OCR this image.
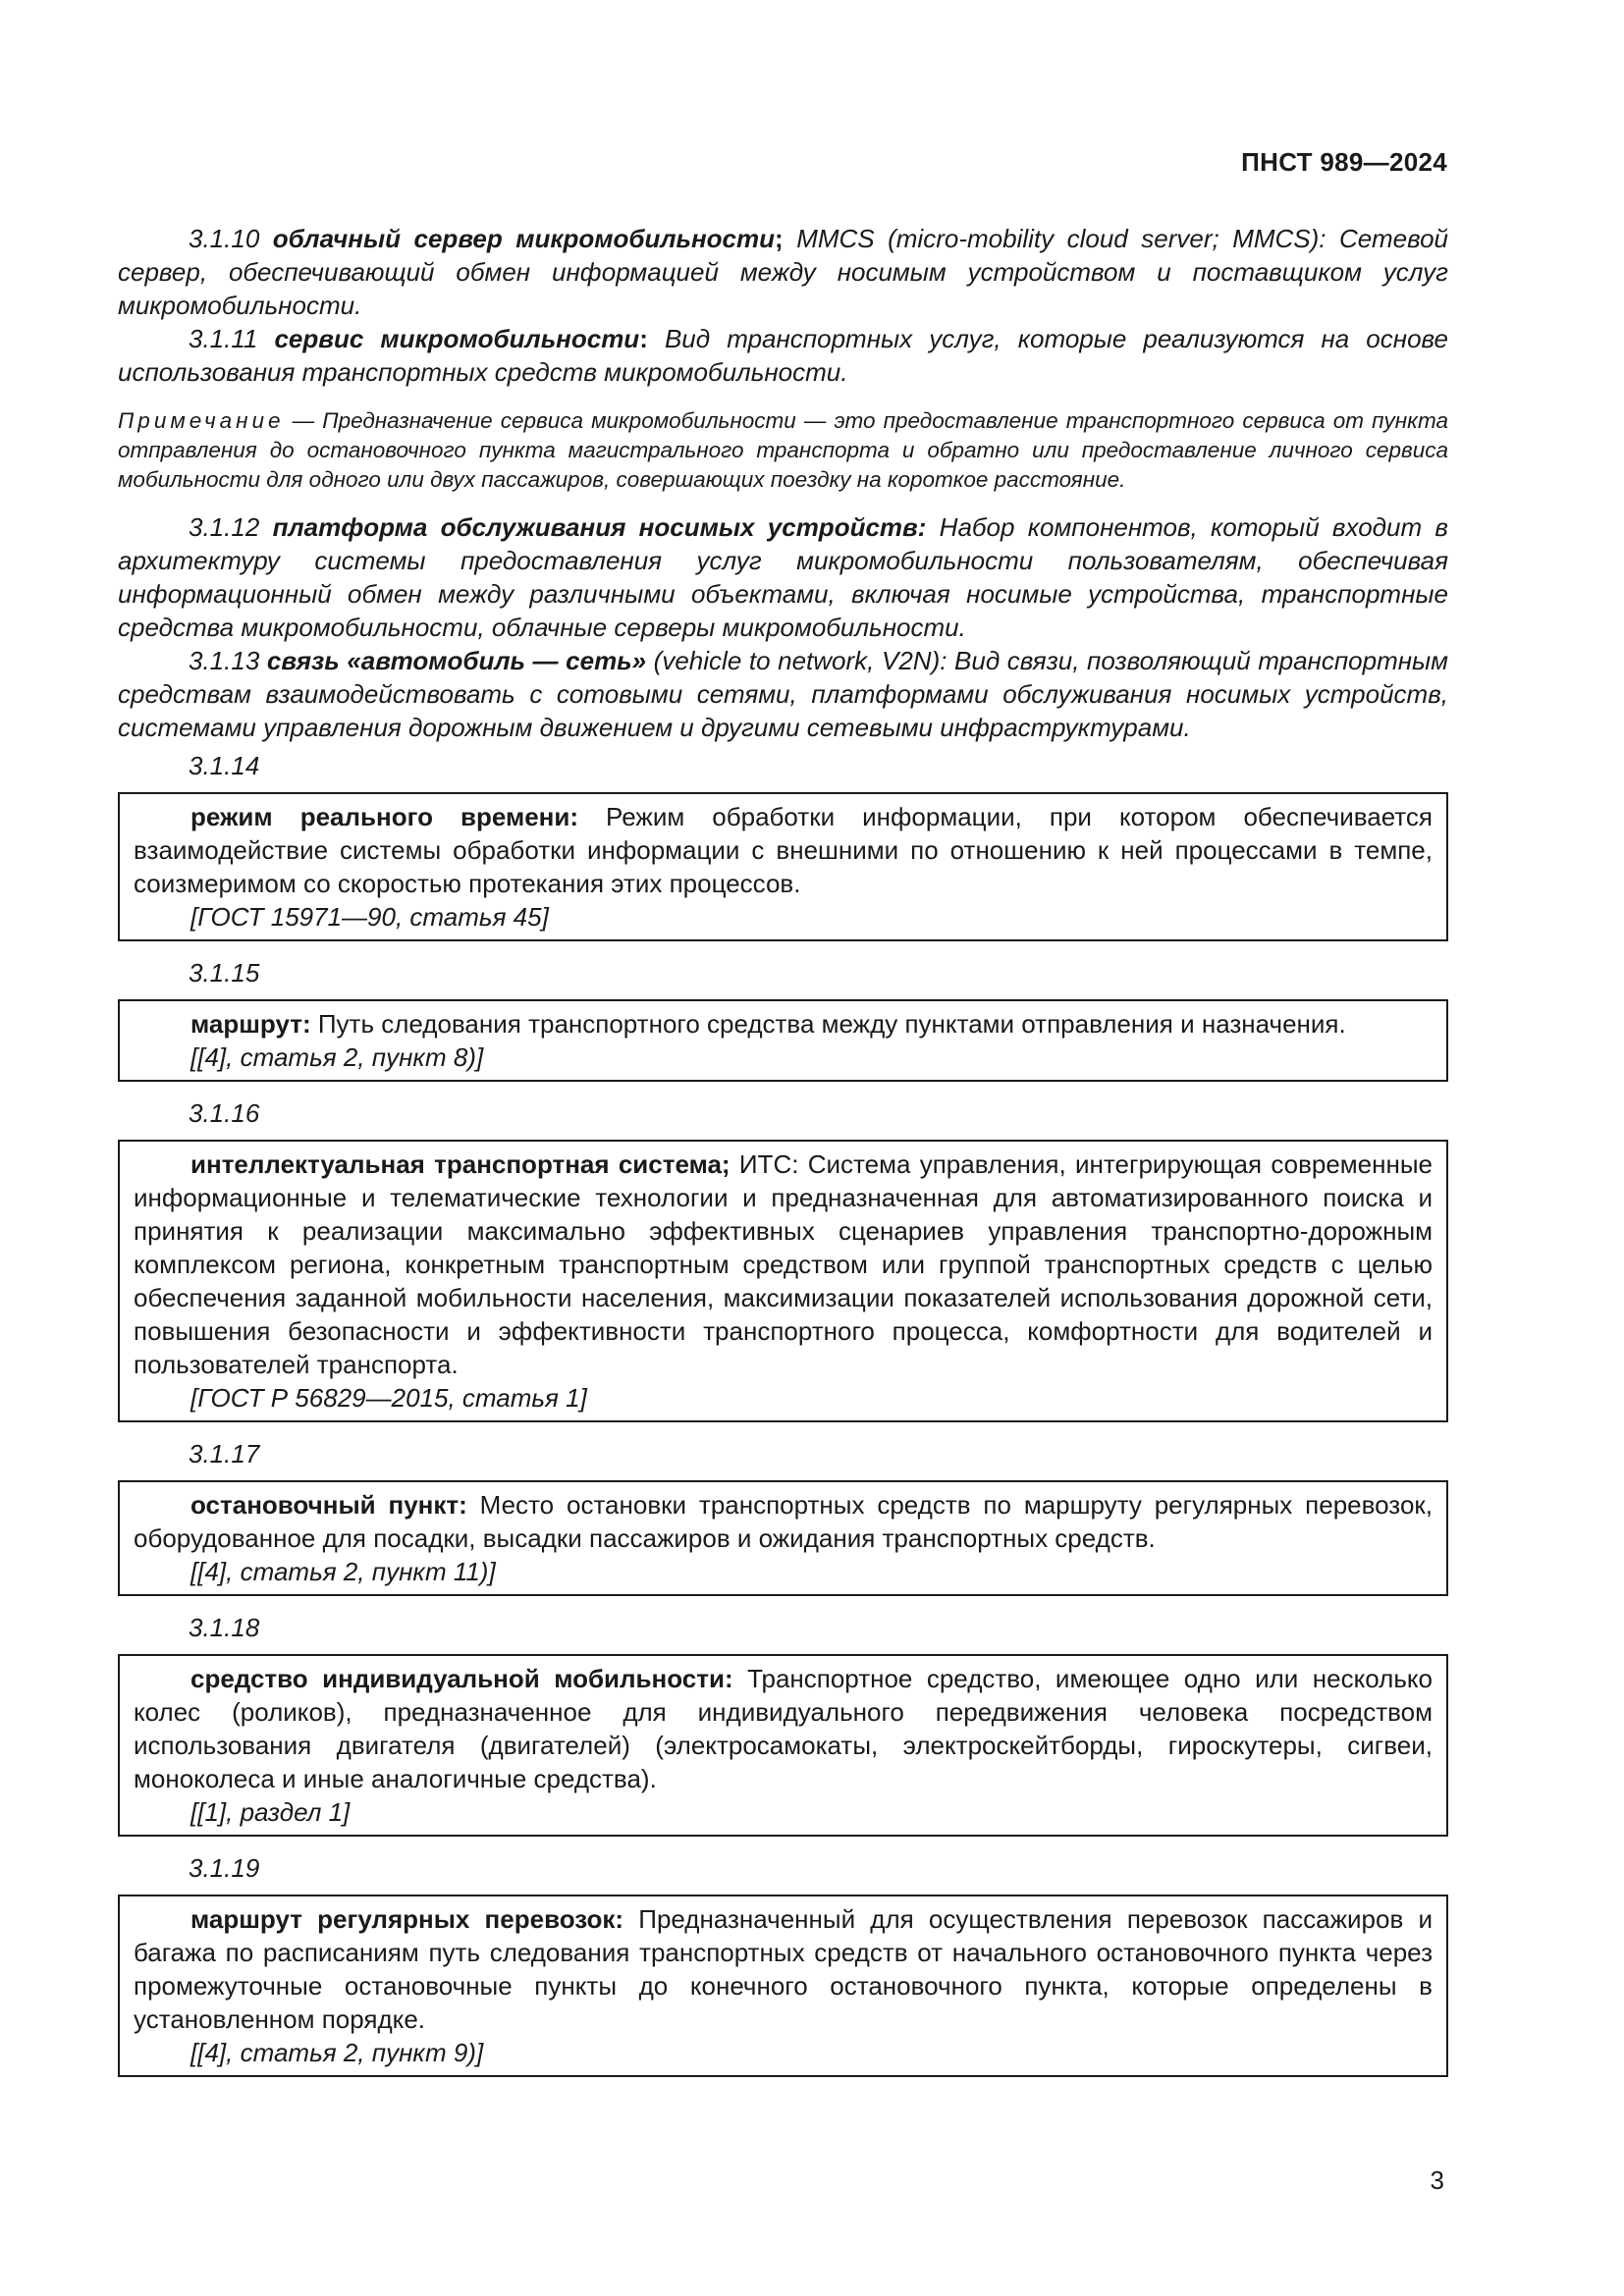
ПНСТ 989—2024

3.1.10 облачный сервер микромобильности; MMCS (micro-mobility cloud server; MMCS): Сетевой сервер, обеспечивающий обмен информацией между носимым устройством и поставщиком услуг микромобильности.

3.1.11 сервис микромобильности: Вид транспортных услуг, которые реализуются на основе использования транспортных средств микромобильности.

Примечание — Предназначение сервиса микромобильности — это предоставление транспортного сервиса от пункта отправления до остановочного пункта магистрального транспорта и обратно или предоставление личного сервиса мобильности для одного или двух пассажиров, совершающих поездку на короткое расстояние.

3.1.12 платформа обслуживания носимых устройств: Набор компонентов, который входит в архитектуру системы предоставления услуг микромобильности пользователям, обеспечивая информационный обмен между различными объектами, включая носимые устройства, транспортные средства микромобильности, облачные серверы микромобильности.

3.1.13 связь «автомобиль — сеть» (vehicle to network, V2N): Вид связи, позволяющий транспортным средствам взаимодействовать с сотовыми сетями, платформами обслуживания носимых устройств, системами управления дорожным движением и другими сетевыми инфраструктурами.

3.1.14

режим реального времени: Режим обработки информации, при котором обеспечивается взаимодействие системы обработки информации с внешними по отношению к ней процессами в темпе, соизмеримом со скоростью протекания этих процессов.

[ГОСТ 15971—90, статья 45]

3.1.15

маршрут: Путь следования транспортного средства между пунктами отправления и назначения.

[[4], статья 2, пункт 8)]

3.1.16

интеллектуальная транспортная система; ИТС: Система управления, интегрирующая современные информационные и телематические технологии и предназначенная для автоматизированного поиска и принятия к реализации максимально эффективных сценариев управления транспортно-дорожным комплексом региона, конкретным транспортным средством или группой транспортных средств с целью обеспечения заданной мобильности населения, максимизации показателей использования дорожной сети, повышения безопасности и эффективности транспортного процесса, комфортности для водителей и пользователей транспорта.

[ГОСТ Р 56829—2015, статья 1]

3.1.17

остановочный пункт: Место остановки транспортных средств по маршруту регулярных перевозок, оборудованное для посадки, высадки пассажиров и ожидания транспортных средств.

[[4], статья 2, пункт 11)]

3.1.18

средство индивидуальной мобильности: Транспортное средство, имеющее одно или несколько колес (роликов), предназначенное для индивидуального передвижения человека посредством использования двигателя (двигателей) (электросамокаты, электроскейтборды, гироскутеры, сигвеи, моноколеса и иные аналогичные средства).

[[1], раздел 1]

3.1.19

маршрут регулярных перевозок: Предназначенный для осуществления перевозок пассажиров и багажа по расписаниям путь следования транспортных средств от начального остановочного пункта через промежуточные остановочные пункты до конечного остановочного пункта, которые определены в установленном порядке.

[[4], статья 2, пункт 9)]

3
